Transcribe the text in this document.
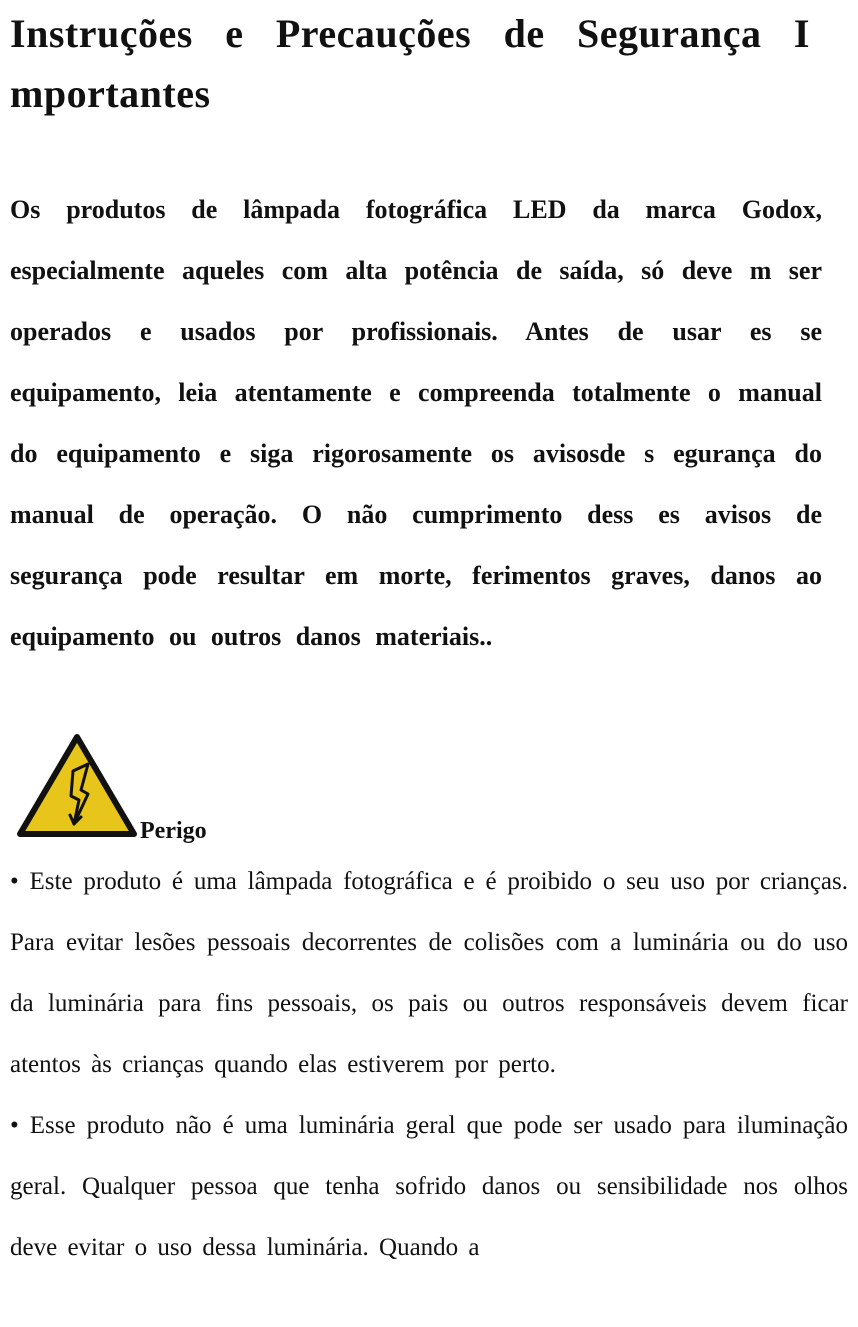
Instruções e Precauções de Segurança I mportantes

Os produtos de lâmpada fotográfica LED da marca Godox, especialmente aqueles com alta potência de saída, só deve m ser operados e usados por profissionais. Antes de usar es se equipamento, leia atentamente e compreenda totalmente o manual do equipamento e siga rigorosamente os avisosde s egurança do manual de operação. O não cumprimento dess es avisos de segurança pode resultar em morte, ferimentos graves, danos ao equipamento ou outros danos materiais..

Perigo

• Este produto é uma lâmpada fotográfica e é proibido o seu uso por crianças. Para evitar lesões pessoais decorrentes de colisões com a luminária ou do uso da luminária para fins pessoais, os pais ou outros responsáveis devem ficar atentos às crianças quando elas estiverem por perto.

• Esse produto não é uma luminária geral que pode ser usado para iluminação geral. Qualquer pessoa que tenha sofrido danos ou sensibilidade nos olhos deve evitar o uso dessa luminária. Quando a
